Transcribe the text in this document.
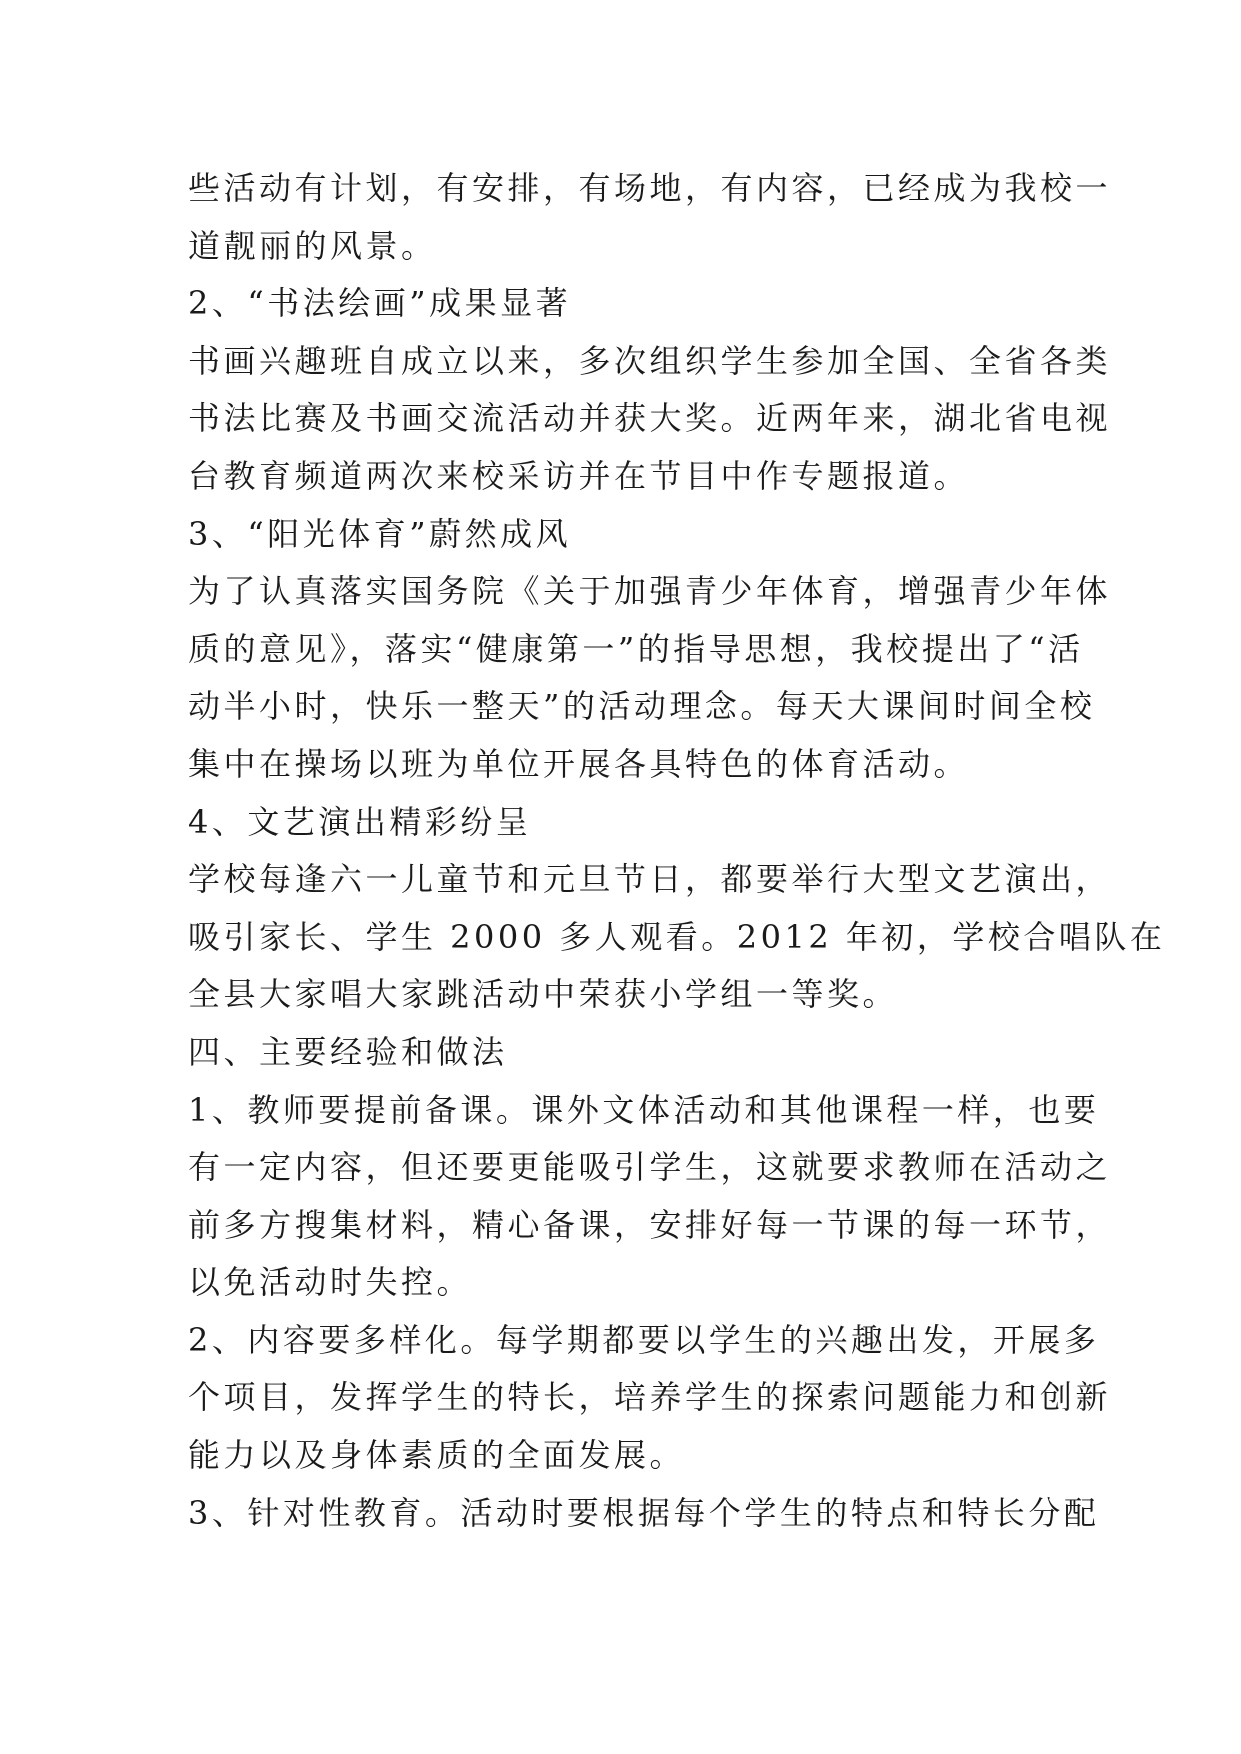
些活动有计划，有安排，有场地，有内容，已经成为我校一
道靓丽的风景。
2、“书法绘画”成果显著
书画兴趣班自成立以来，多次组织学生参加全国、全省各类
书法比赛及书画交流活动并获大奖。近两年来，湖北省电视
台教育频道两次来校采访并在节目中作专题报道。
3、“阳光体育”蔚然成风
为了认真落实国务院《关于加强青少年体育，增强青少年体
质的意见》，落实“健康第一”的指导思想，我校提出了“活
动半小时，快乐一整天”的活动理念。每天大课间时间全校
集中在操场以班为单位开展各具特色的体育活动。
4、文艺演出精彩纷呈
学校每逢六一儿童节和元旦节日，都要举行大型文艺演出，
吸引家长、学生 2000 多人观看。2012 年初，学校合唱队在
全县大家唱大家跳活动中荣获小学组一等奖。
四、主要经验和做法
1、教师要提前备课。课外文体活动和其他课程一样，也要
有一定内容，但还要更能吸引学生，这就要求教师在活动之
前多方搜集材料，精心备课，安排好每一节课的每一环节，
以免活动时失控。
2、内容要多样化。每学期都要以学生的兴趣出发，开展多
个项目，发挥学生的特长，培养学生的探索问题能力和创新
能力以及身体素质的全面发展。
3、针对性教育。活动时要根据每个学生的特点和特长分配
